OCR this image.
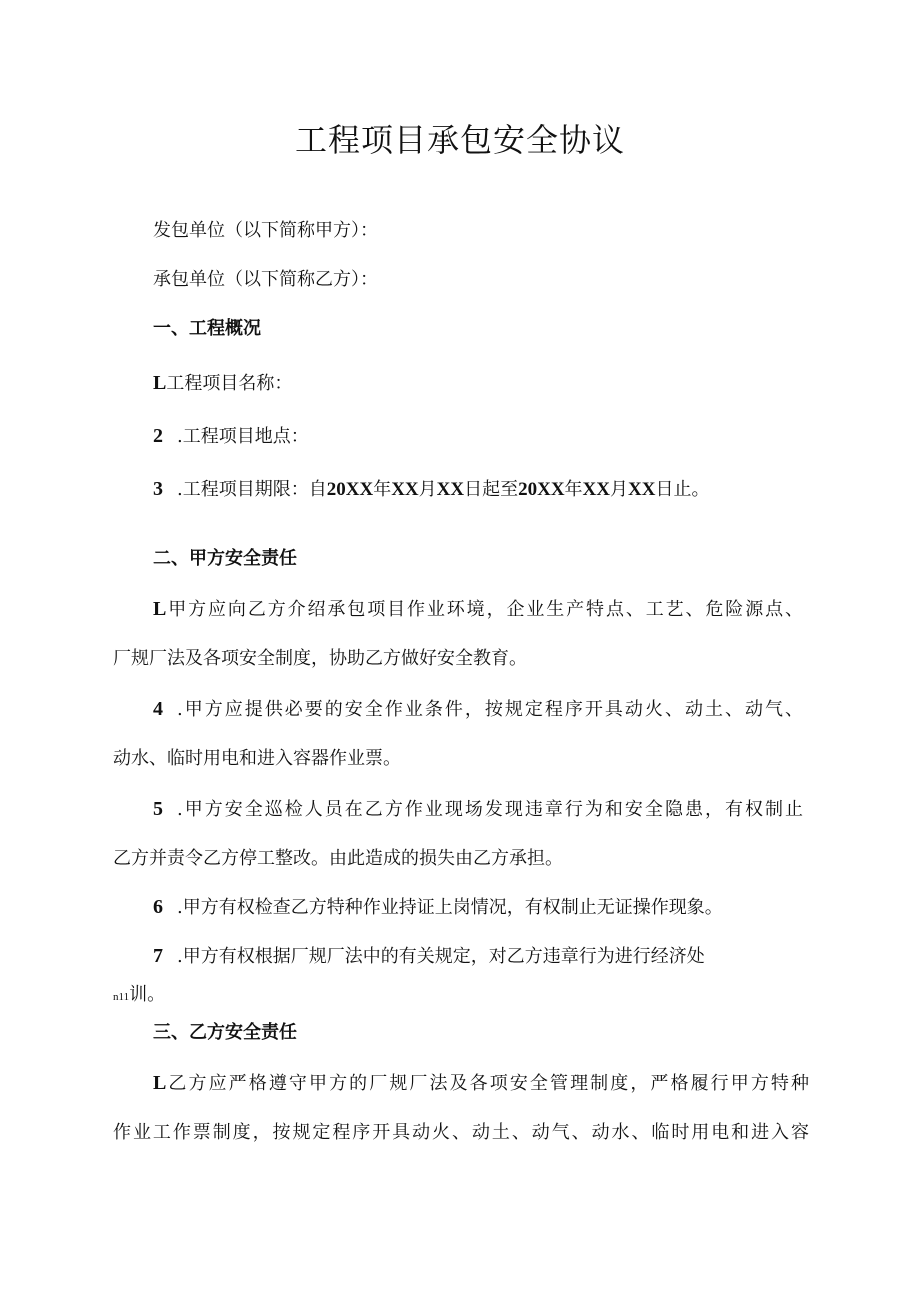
工程项目承包安全协议
发包单位（以下简称甲方）：
承包单位（以下简称乙方）：
一、工程概况
L工程项目名称：
2 .工程项目地点：
3 .工程项目期限：自20XX年XX月XX日起至20XX年XX月XX日止。
二、甲方安全责任
L甲方应向乙方介绍承包项目作业环境，企业生产特点、工艺、危险源点、
厂规厂法及各项安全制度，协助乙方做好安全教育。
4 .甲方应提供必要的安全作业条件，按规定程序开具动火、动土、动气、
动水、临时用电和进入容器作业票。
5 .甲方安全巡检人员在乙方作业现场发现违章行为和安全隐患，有权制止
乙方并责令乙方停工整改。由此造成的损失由乙方承担。
6 .甲方有权检查乙方特种作业持证上岗情况，有权制止无证操作现象。
7 .甲方有权根据厂规厂法中的有关规定，对乙方违章行为进行经济处
n11训。
三、乙方安全责任
L乙方应严格遵守甲方的厂规厂法及各项安全管理制度，严格履行甲方特种
作业工作票制度，按规定程序开具动火、动土、动气、动水、临时用电和进入容
